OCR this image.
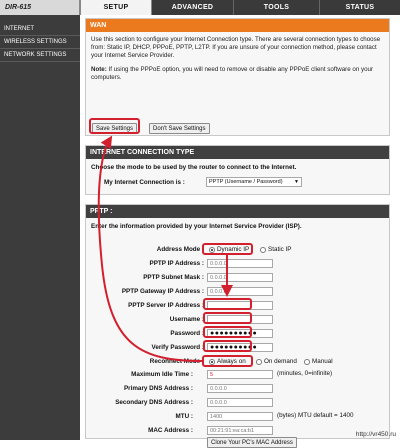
DIR-615	SETUP	ADVANCED	TOOLS	STATUS
INTERNET
WIRELESS SETTINGS
NETWORK SETTINGS
WAN
Use this section to configure your Internet Connection type. There are several connection types to choose from: Static IP, DHCP, PPPoE, PPTP, L2TP. If you are unsure of your connection method, please contact your Internet Service Provider.
Note: If using the PPPoE option, you will need to remove or disable any PPPoE client software on your computers.
Save Settings	Don't Save Settings
INTERNET CONNECTION TYPE
Choose the mode to be used by the router to connect to the Internet.
My Internet Connection is :	PPTP (Username / Password) ▼
PPTP :
Enter the information provided by your Internet Service Provider (ISP).
Address Mode : Dynamic IP	Static IP
PPTP IP Address :	0.0.0.0
PPTP Subnet Mask :	0.0.0.0
PPTP Gateway IP Address :	0.0.0.0
PPTP Server IP Address :
Username :
Password : ●●●●●●●●●●
Verify Password : ●●●●●●●●●●
Reconnect Mode : Always on	On demand Manual
Maximum Idle Time :	5	(minutes, 0=infinite)
Primary DNS Address :	0.0.0.0
Secondary DNS Address :	0.0.0.0
MTU :	1400	(bytes) MTU default = 1400
MAC Address :	00:21:91:ea:ca:b1
Clone Your PC's MAC Address
http://vr450.ru
